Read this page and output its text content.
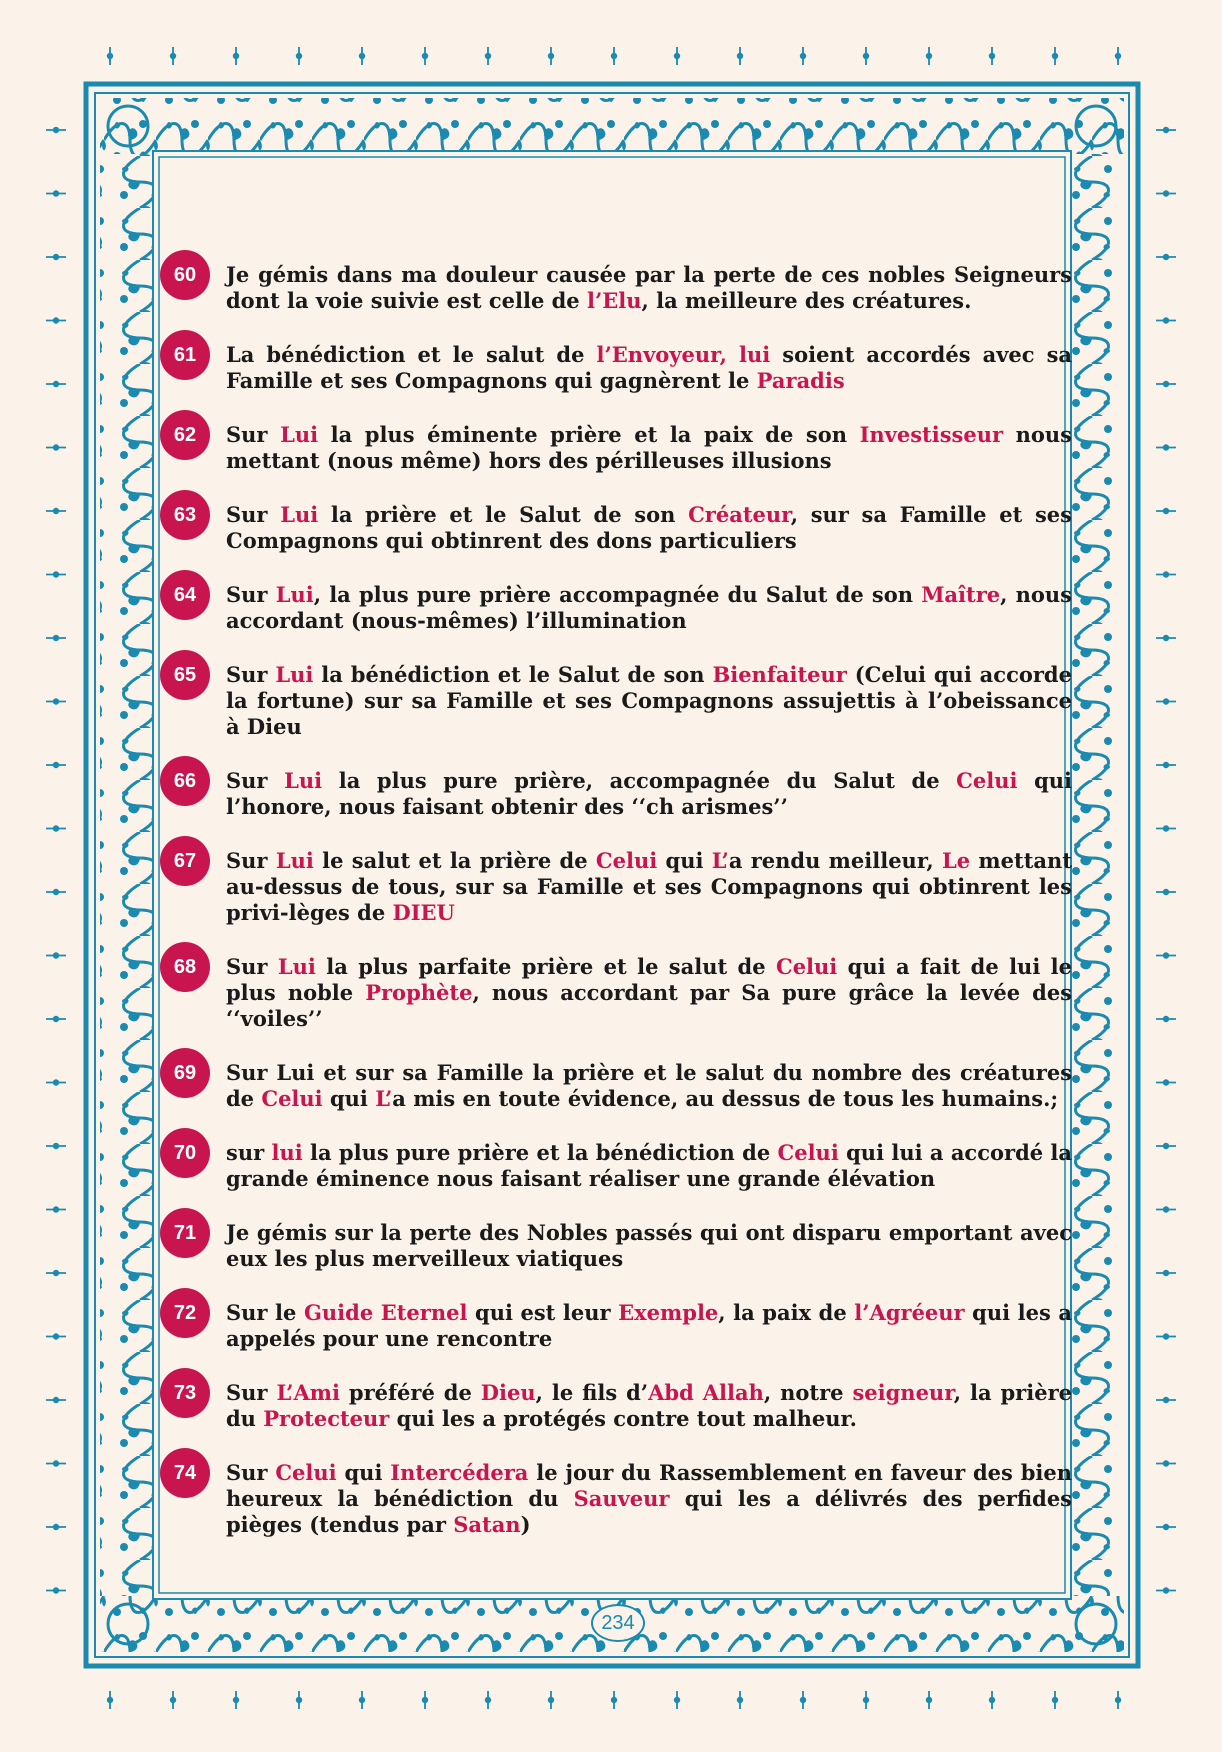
60	Je gémis dans ma douleur causée par la perte de ces nobles Seigneurs dont la voie suivie est celle de l’Elu, la meilleure des créatures.
61	La bénédiction et le salut de l’Envoyeur, lui soient accordés avec sa Famille et ses Compagnons qui gagnèrent le Paradis
62	Sur Lui la plus éminente prière et la paix de son Investisseur nous mettant (nous même) hors des périlleuses illusions
63	Sur Lui la prière et le Salut de son Créateur, sur sa Famille et ses Compagnons qui obtinrent des dons particuliers
64	Sur Lui, la plus pure prière accompagnée du Salut de son Maître, nous accordant (nous-mêmes) l’illumination
65	Sur Lui la bénédiction et le Salut de son Bienfaiteur (Celui qui accorde la fortune) sur sa Famille et ses Compagnons assujettis à l’obeissance à Dieu
66	Sur Lui la plus pure prière, accompagnée du Salut de Celui qui l’honore, nous faisant obtenir des ‘‘ch arismes’’
67	Sur Lui le salut et la prière de Celui qui L’a rendu meilleur, Le mettant au-dessus de tous, sur sa Famille et ses Compagnons qui obtinrent les privi-lèges de DIEU
68	Sur Lui la plus parfaite prière et le salut de Celui qui a fait de lui le plus noble Prophète, nous accordant par Sa pure grâce la levée des ‘‘voiles’’
69	Sur Lui et sur sa Famille la prière et le salut du nombre des créatures de Celui qui L’a mis en toute évidence, au dessus de tous les humains.;
70	sur lui la plus pure prière et la bénédiction de Celui qui lui a accordé la grande éminence nous faisant réaliser une grande élévation
71	Je gémis sur la perte des Nobles passés qui ont disparu emportant avec eux les plus merveilleux viatiques
72	Sur le Guide Eternel qui est leur Exemple, la paix de l’Agréeur qui les a appelés pour une rencontre
73	Sur L’Ami préféré de Dieu, le fils d’Abd Allah, notre seigneur, la prière du Protecteur qui les a protégés contre tout malheur.
74	Sur Celui qui Intercédera le jour du Rassemblement en faveur des bien heureux la bénédiction du Sauveur qui les a délivrés des perfides pièges (tendus par Satan)
234
